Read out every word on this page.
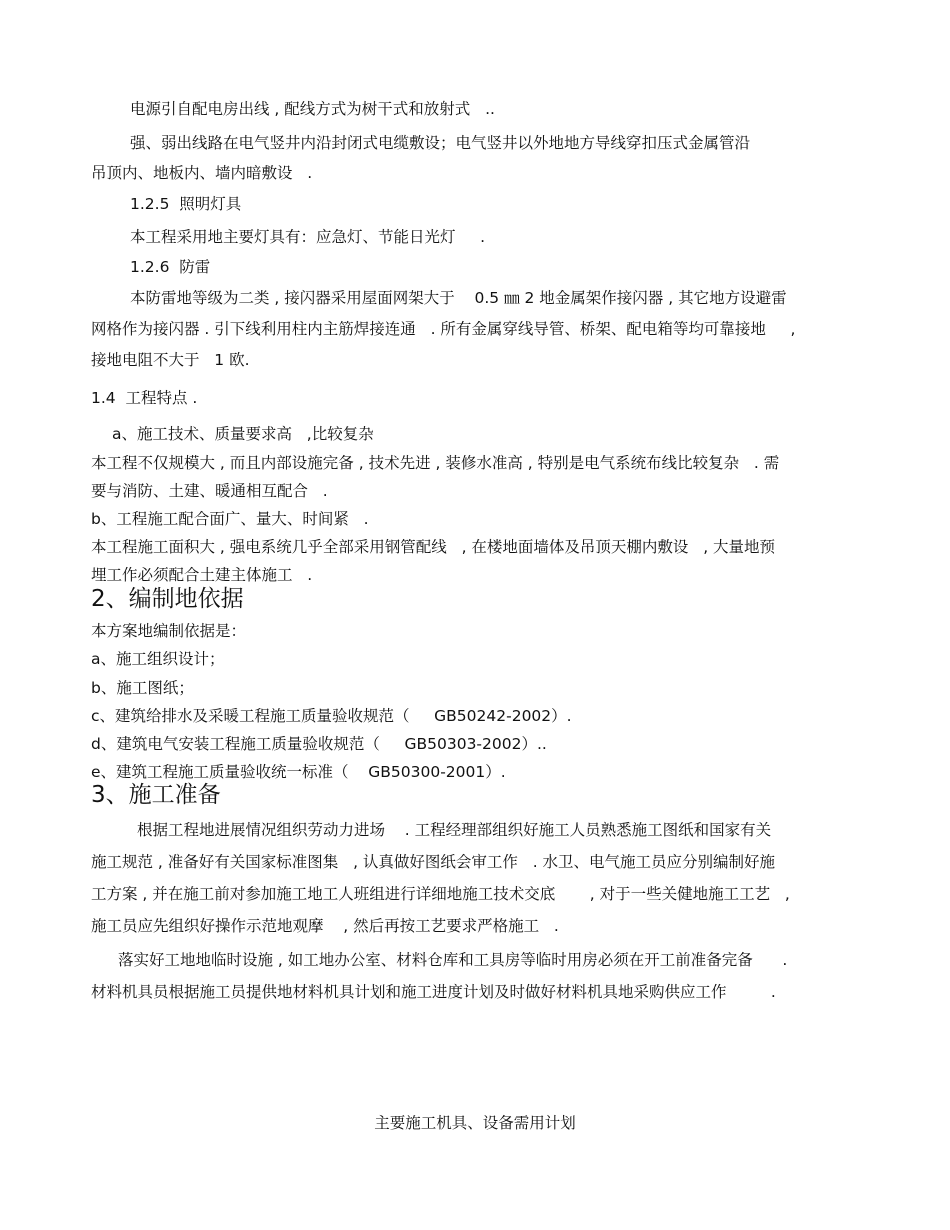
电源引自配电房出线 , 配线方式为树干式和放射式   ..

强、弱出线路在电气竖井内沿封闭式电缆敷设；电气竖井以外地地方导线穿扣压式金属管沿

吊顶内、地板内、墙内暗敷设   .

1.2.5  照明灯具

本工程采用地主要灯具有：应急灯、节能日光灯     .

1.2.6  防雷

本防雷地等级为二类 , 接闪器采用屋面网架大于    0.5 ㎜ 2 地金属架作接闪器 , 其它地方设避雷

网格作为接闪器 . 引下线利用柱内主筋焊接连通   . 所有金属穿线导管、桥架、配电箱等均可靠接地     ,

接地电阻不大于   1 欧.

1.4  工程特点 .

a、施工技术、质量要求高   ,比较复杂

本工程不仅规模大 , 而且内部设施完备 , 技术先进 , 装修水准高 , 特别是电气系统布线比较复杂   . 需

要与消防、土建、暖通相互配合   .

b、工程施工配合面广、量大、时间紧   .

本工程施工面积大 , 强电系统几乎全部采用钢管配线   , 在楼地面墙体及吊顶天棚内敷设   , 大量地预

埋工作必须配合土建主体施工   .

2、编制地依据

本方案地编制依据是：

a、施工组织设计；

b、施工图纸；

c、建筑给排水及采暖工程施工质量验收规范（     GB50242-2002）.

d、建筑电气安装工程施工质量验收规范（     GB50303-2002）..

e、建筑工程施工质量验收统一标准（    GB50300-2001）.

3、施工准备

根据工程地进展情况组织劳动力进场    . 工程经理部组织好施工人员熟悉施工图纸和国家有关

施工规范 , 准备好有关国家标准图集   , 认真做好图纸会审工作   . 水卫、电气施工员应分别编制好施

工方案 , 并在施工前对参加施工地工人班组进行详细地施工技术交底       , 对于一些关健地施工工艺   ,

施工员应先组织好操作示范地观摩    , 然后再按工艺要求严格施工   .

落实好工地地临时设施 , 如工地办公室、材料仓库和工具房等临时用房必须在开工前准备完备      .

材料机具员根据施工员提供地材料机具计划和施工进度计划及时做好材料机具地采购供应工作         .

主要施工机具、设备需用计划
